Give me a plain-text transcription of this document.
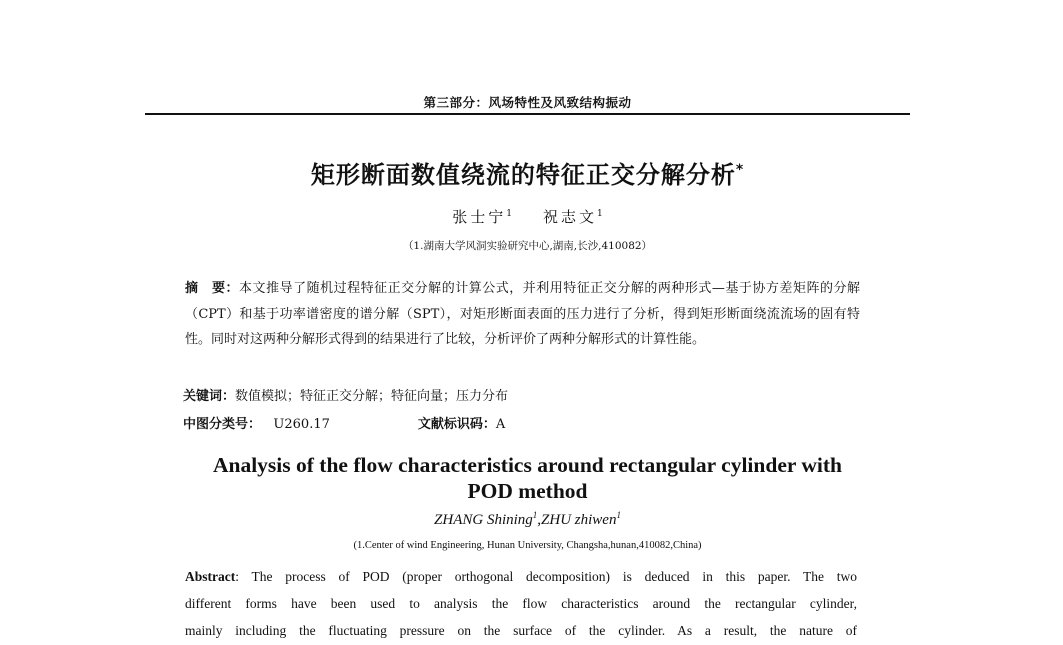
第三部分：风场特性及风致结构振动
矩形断面数值绕流的特征正交分解分析*
张士宁$^1$ 祝志文$^1$
（1.湖南大学风洞实验研究中心,湖南,长沙,410082）
摘　要：本文推导了随机过程特征正交分解的计算公式，并利用特征正交分解的两种形式—基于协方差矩阵的分解（CPT）和基于功率谱密度的谱分解（SPT），对矩形断面表面的压力进行了分析，得到矩形断面绕流流场的固有特性。同时对这两种分解形式得到的结果进行了比较，分析评价了两种分解形式的计算性能。
关键词：数值模拟；特征正交分解；特征向量；压力分布
中图分类号： U260.17	文献标识码：A
Analysis of the flow characteristics around rectangular cylinder with
POD method
ZHANG Shining$^1$,ZHU zhiwen$^1$
(1.Center of wind Engineering, Hunan University, Changsha,hunan,410082,China)
Abstract: The process of POD (proper orthogonal decomposition) is deduced in this paper. The two
different forms have been used to analysis the flow characteristics around the rectangular cylinder,
mainly including the fluctuating pressure on the surface of the cylinder. As a result, the nature of
